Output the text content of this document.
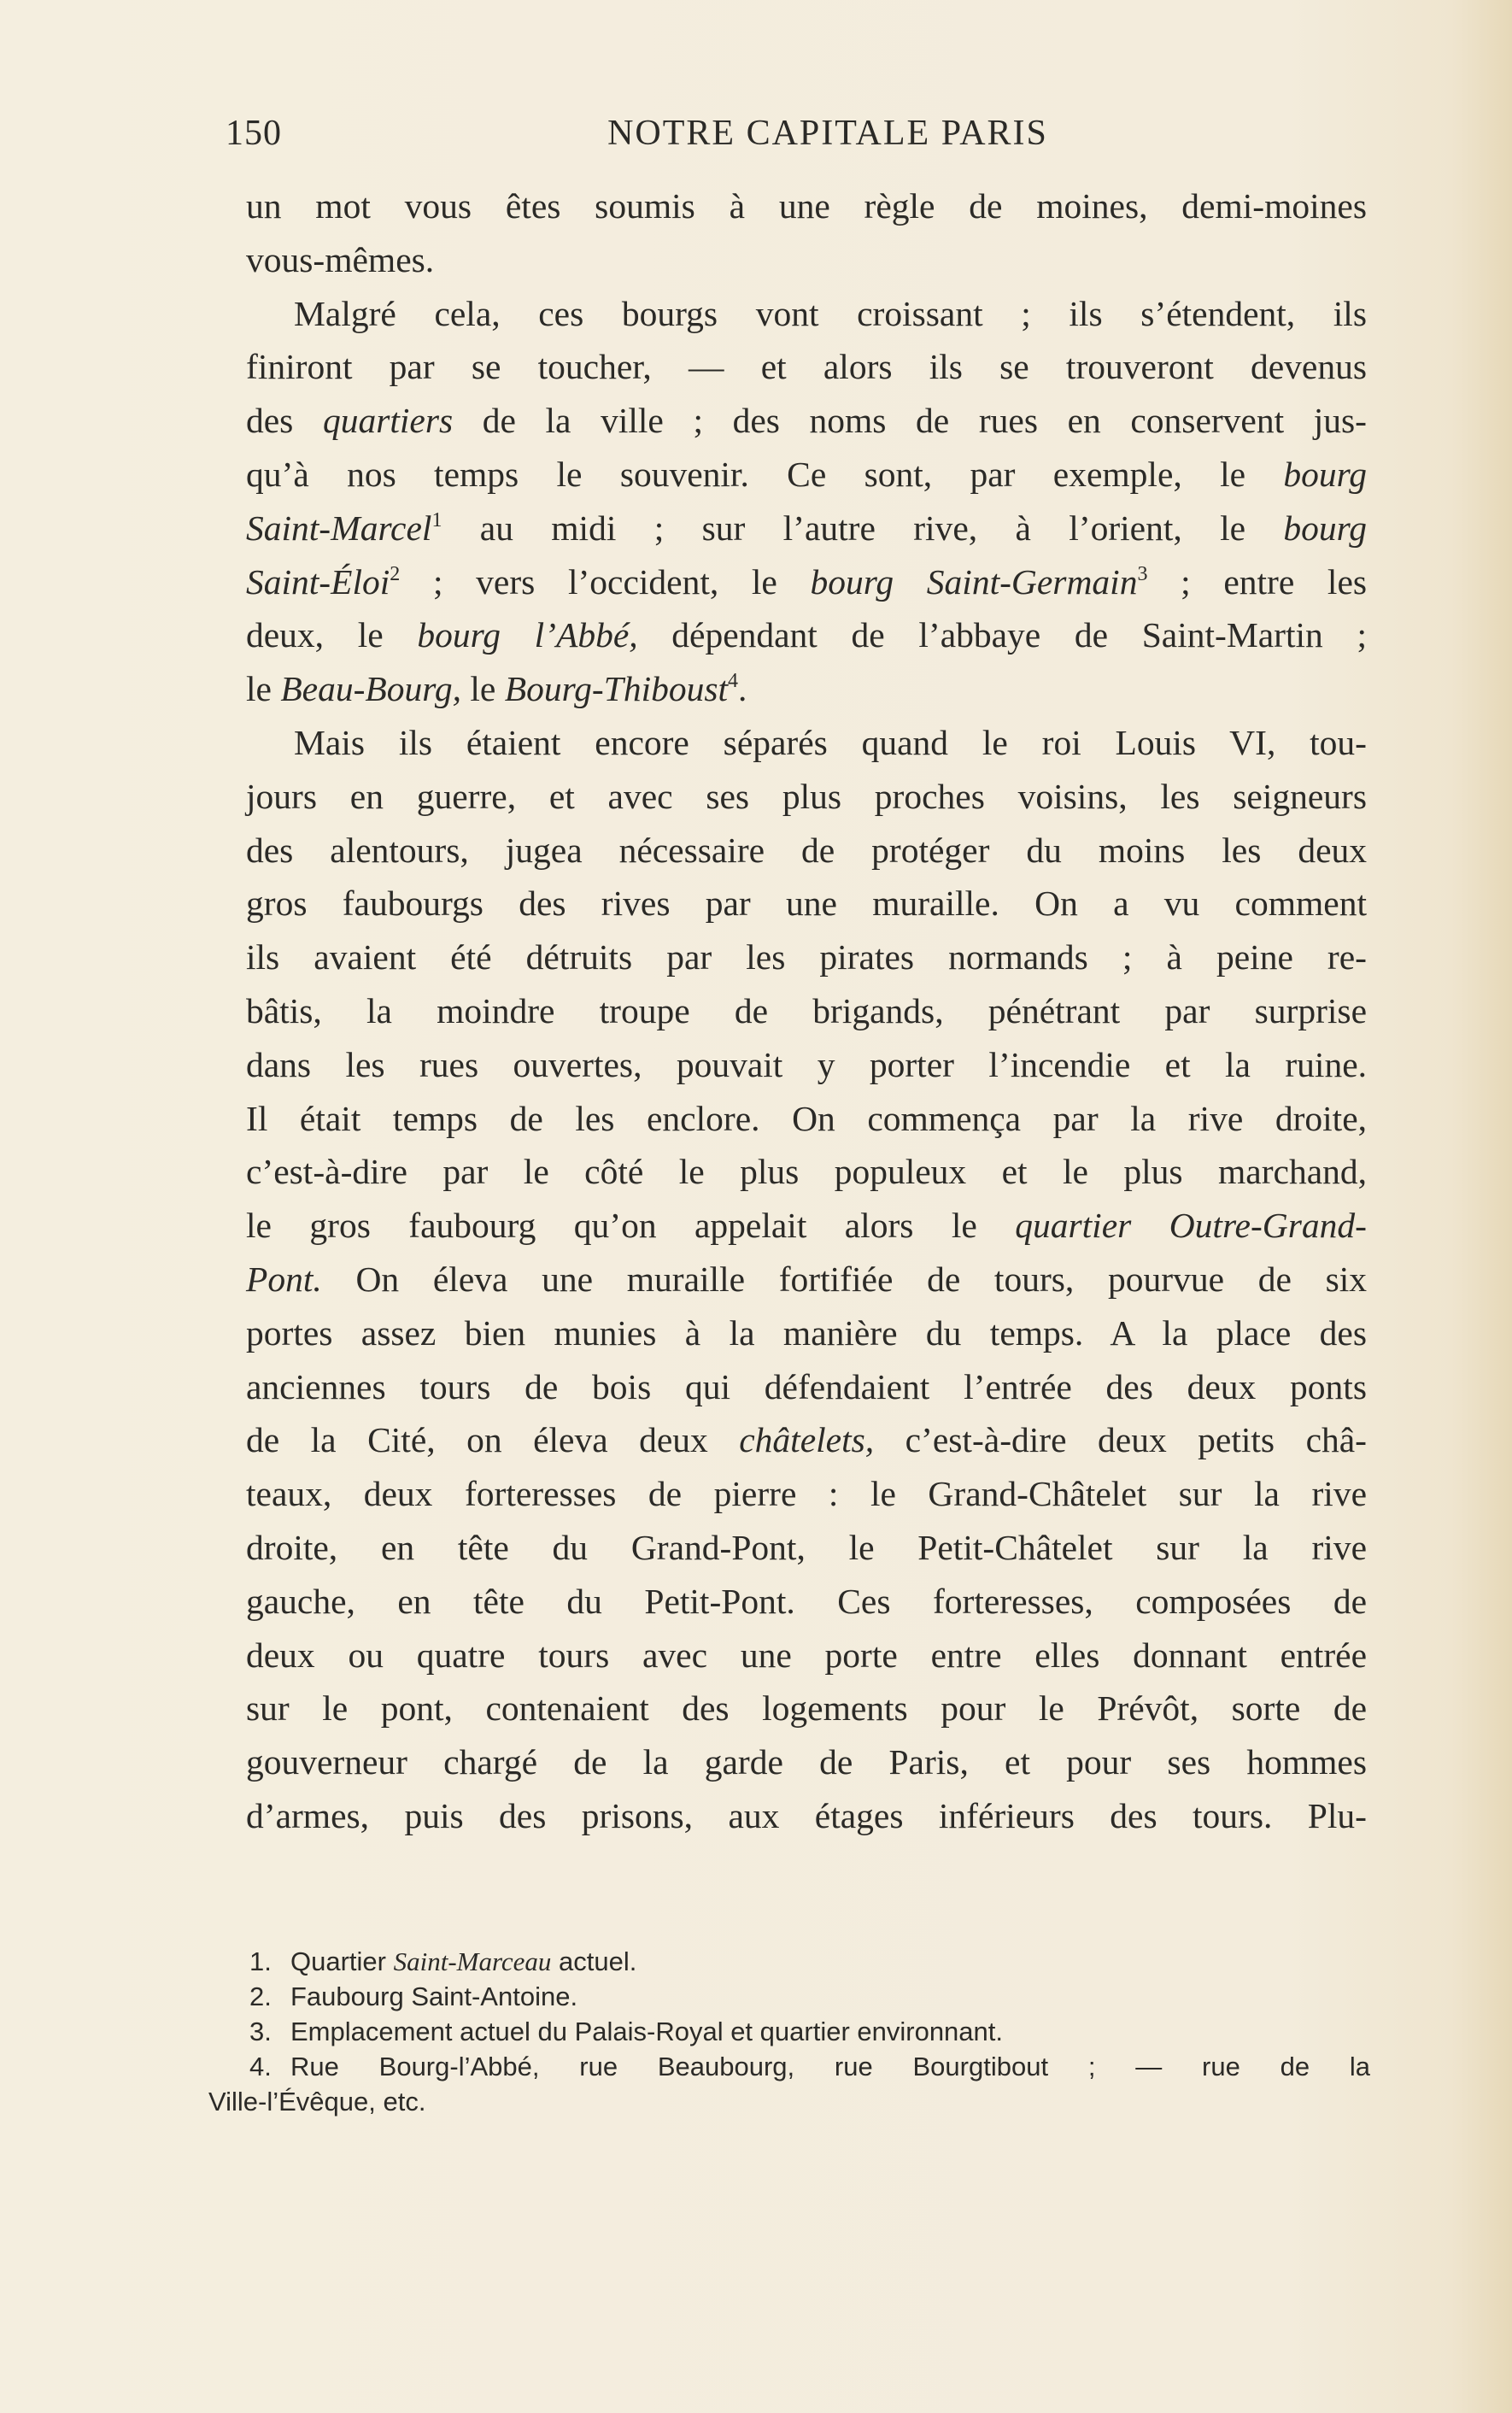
150	NOTRE CAPITALE PARIS
un mot vous êtes soumis à une règle de moines, demi-moines
vous-mêmes.
Malgré cela, ces bourgs vont croissant ; ils s’étendent, ils
finiront par se toucher, — et alors ils se trouveront devenus
des quartiers de la ville ; des noms de rues en conservent jus-
qu’à nos temps le souvenir. Ce sont, par exemple, le bourg
Saint-Marcel$^1$ au midi ; sur l’autre rive, à l’orient, le bourg
Saint-Éloi$^2$ ; vers l’occident, le bourg Saint-Germain$^3$ ; entre les
deux, le bourg l’Abbé, dépendant de l’abbaye de Saint-Martin ;
le Beau-Bourg, le Bourg-Thiboust$^4$.
Mais ils étaient encore séparés quand le roi Louis VI, tou-
jours en guerre, et avec ses plus proches voisins, les seigneurs
des alentours, jugea nécessaire de protéger du moins les deux
gros faubourgs des rives par une muraille. On a vu comment
ils avaient été détruits par les pirates normands ; à peine re-
bâtis, la moindre troupe de brigands, pénétrant par surprise
dans les rues ouvertes, pouvait y porter l’incendie et la ruine.
Il était temps de les enclore. On commença par la rive droite,
c’est-à-dire par le côté le plus populeux et le plus marchand,
le gros faubourg qu’on appelait alors le quartier Outre-Grand-
Pont. On éleva une muraille fortifiée de tours, pourvue de six
portes assez bien munies à la manière du temps. A la place des
anciennes tours de bois qui défendaient l’entrée des deux ponts
de la Cité, on éleva deux châtelets, c’est-à-dire deux petits châ-
teaux, deux forteresses de pierre : le Grand-Châtelet sur la rive
droite, en tête du Grand-Pont, le Petit-Châtelet sur la rive
gauche, en tête du Petit-Pont. Ces forteresses, composées de
deux ou quatre tours avec une porte entre elles donnant entrée
sur le pont, contenaient des logements pour le Prévôt, sorte de
gouverneur chargé de la garde de Paris, et pour ses hommes
d’armes, puis des prisons, aux étages inférieurs des tours. Plu-
1. Quartier Saint-Marceau actuel.
2. Faubourg Saint-Antoine.
3. Emplacement actuel du Palais-Royal et quartier environnant.
4. Rue Bourg-l’Abbé, rue Beaubourg, rue Bourgtibout ; — rue de la
Ville-l’Évêque, etc.
